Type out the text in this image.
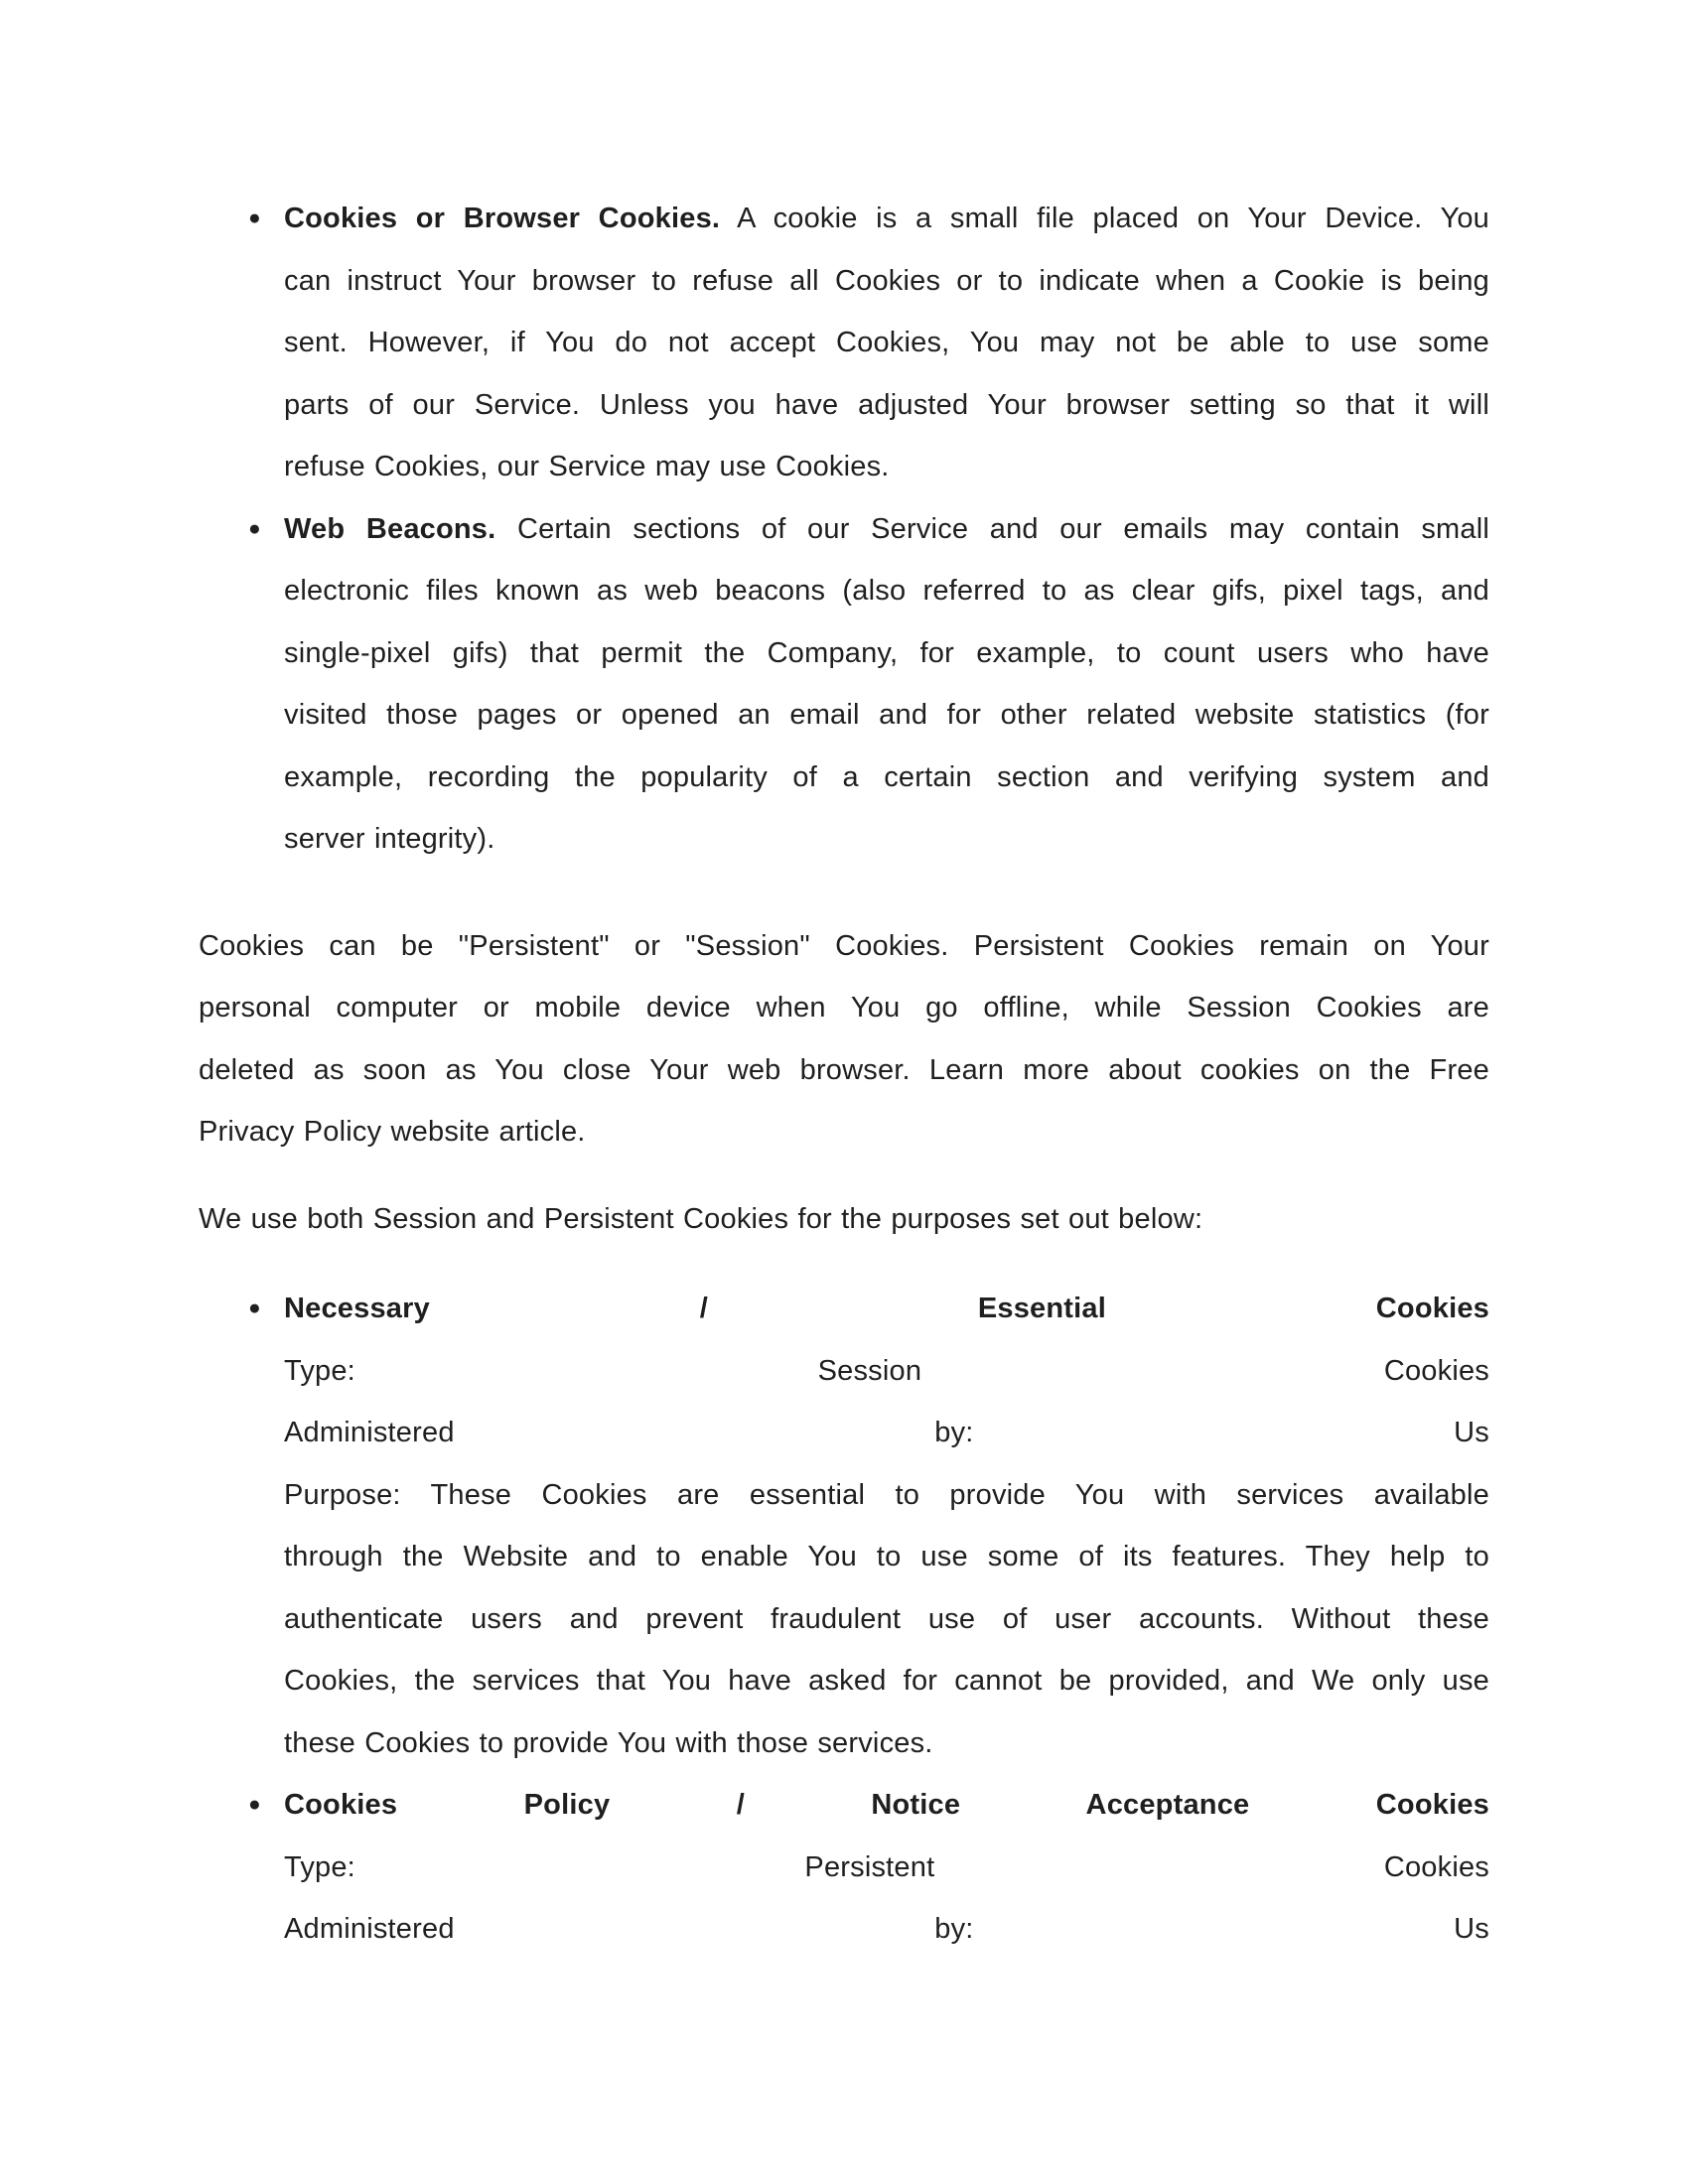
● Cookies or Browser Cookies. A cookie is a small file placed on Your Device. You
can instruct Your browser to refuse all Cookies or to indicate when a Cookie is being
sent. However, if You do not accept Cookies, You may not be able to use some
parts of our Service. Unless you have adjusted Your browser setting so that it will
refuse Cookies, our Service may use Cookies.
● Web Beacons. Certain sections of our Service and our emails may contain small
electronic files known as web beacons (also referred to as clear gifs, pixel tags, and
single-pixel gifs) that permit the Company, for example, to count users who have
visited those pages or opened an email and for other related website statistics (for
example, recording the popularity of a certain section and verifying system and
server integrity).
Cookies can be "Persistent" or "Session" Cookies. Persistent Cookies remain on Your
personal computer or mobile device when You go offline, while Session Cookies are
deleted as soon as You close Your web browser. Learn more about cookies on the Free
Privacy Policy website article.
We use both Session and Persistent Cookies for the purposes set out below:
● Necessary / Essential Cookies
Type: Session Cookies
Administered by: Us
Purpose: These Cookies are essential to provide You with services available
through the Website and to enable You to use some of its features. They help to
authenticate users and prevent fraudulent use of user accounts. Without these
Cookies, the services that You have asked for cannot be provided, and We only use
these Cookies to provide You with those services.
● Cookies Policy / Notice Acceptance Cookies
Type: Persistent Cookies
Administered by: Us
